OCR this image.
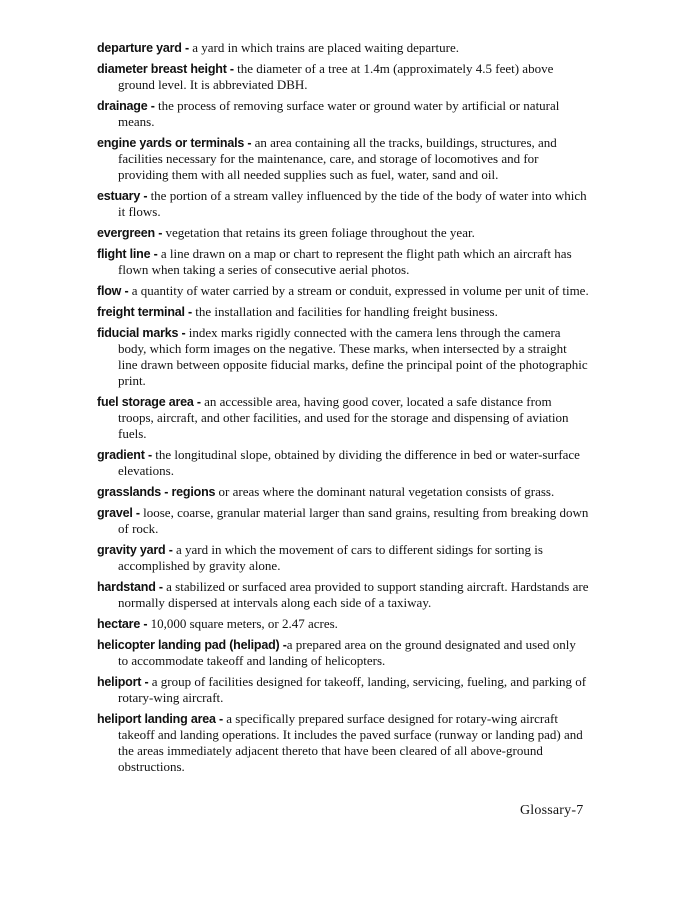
departure yard - a yard in which trains are placed waiting departure.
diameter breast height - the diameter of a tree at 1.4m (approximately 4.5 feet) above ground level. It is abbreviated DBH.
drainage - the process of removing surface water or ground water by artificial or natural means.
engine yards or terminals - an area containing all the tracks, buildings, structures, and facilities necessary for the maintenance, care, and storage of locomotives and for providing them with all needed supplies such as fuel, water, sand and oil.
estuary - the portion of a stream valley influenced by the tide of the body of water into which it flows.
evergreen - vegetation that retains its green foliage throughout the year.
flight line - a line drawn on a map or chart to represent the flight path which an aircraft has flown when taking a series of consecutive aerial photos.
flow - a quantity of water carried by a stream or conduit, expressed in volume per unit of time.
freight terminal - the installation and facilities for handling freight business.
fiducial marks - index marks rigidly connected with the camera lens through the camera body, which form images on the negative. These marks, when intersected by a straight line drawn between opposite fiducial marks, define the principal point of the photographic print.
fuel storage area - an accessible area, having good cover, located a safe distance from troops, aircraft, and other facilities, and used for the storage and dispensing of aviation fuels.
gradient - the longitudinal slope, obtained by dividing the difference in bed or water-surface elevations.
grasslands - regions or areas where the dominant natural vegetation consists of grass.
gravel - loose, coarse, granular material larger than sand grains, resulting from breaking down of rock.
gravity yard - a yard in which the movement of cars to different sidings for sorting is accomplished by gravity alone.
hardstand - a stabilized or surfaced area provided to support standing aircraft. Hardstands are normally dispersed at intervals along each side of a taxiway.
hectare - 10,000 square meters, or 2.47 acres.
helicopter landing pad (helipad) -a prepared area on the ground designated and used only to accommodate takeoff and landing of helicopters.
heliport - a group of facilities designed for takeoff, landing, servicing, fueling, and parking of rotary-wing aircraft.
heliport landing area - a specifically prepared surface designed for rotary-wing aircraft takeoff and landing operations. It includes the paved surface (runway or landing pad) and the areas immediately adjacent thereto that have been cleared of all above-ground obstructions.
Glossary-7
